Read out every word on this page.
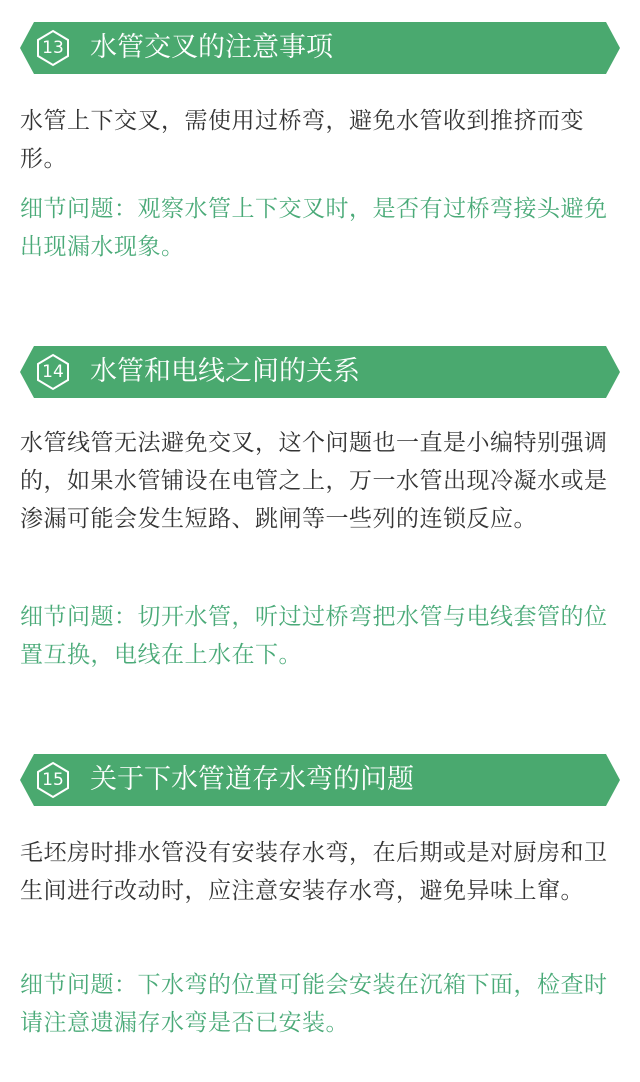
13 水管交叉的注意事项
水管上下交叉，需使用过桥弯，避免水管收到推挤而变形。
细节问题：观察水管上下交叉时，是否有过桥弯接头避免出现漏水现象。
14 水管和电线之间的关系
水管线管无法避免交叉，这个问题也一直是小编特别强调的，如果水管铺设在电管之上，万一水管出现冷凝水或是渗漏可能会发生短路、跳闸等一些列的连锁反应。
细节问题：切开水管，听过过桥弯把水管与电线套管的位置互换，电线在上水在下。
15 关于下水管道存水弯的问题
毛坯房时排水管没有安装存水弯，在后期或是对厨房和卫生间进行改动时，应注意安装存水弯，避免异味上窜。
细节问题：下水弯的位置可能会安装在沉箱下面，检查时请注意遗漏存水弯是否已安装。
